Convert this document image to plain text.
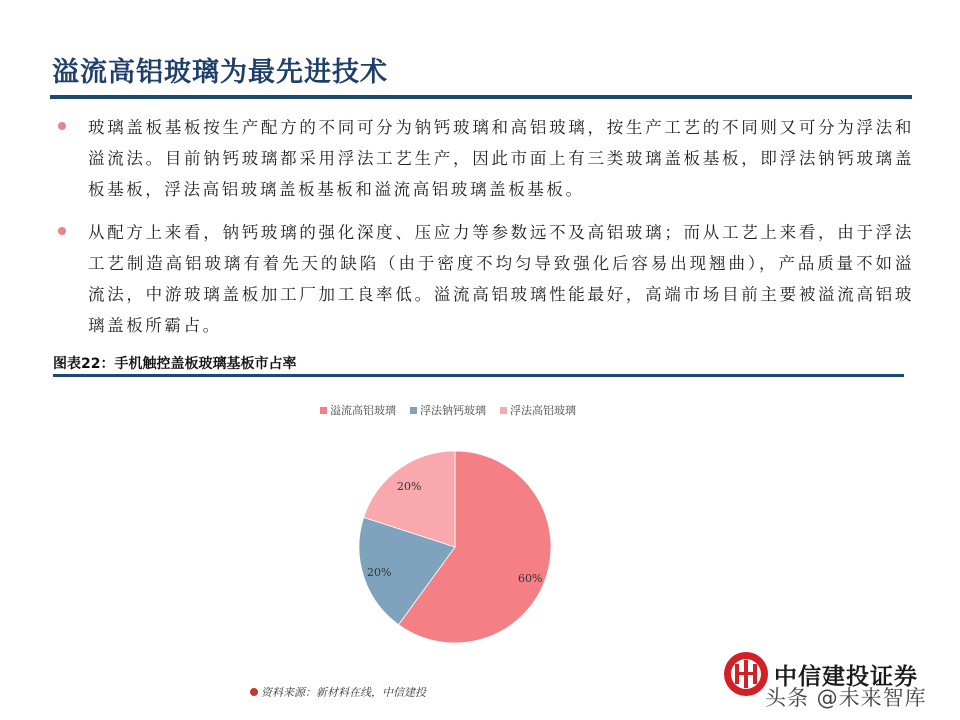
溢流高铝玻璃为最先进技术
玻璃盖板基板按生产配方的不同可分为钠钙玻璃和高铝玻璃，按生产工艺的不同则又可分为浮法和溢流法。目前钠钙玻璃都采用浮法工艺生产，因此市面上有三类玻璃盖板基板，即浮法钠钙玻璃盖板基板，浮法高铝玻璃盖板基板和溢流高铝玻璃盖板基板。
从配方上来看，钠钙玻璃的强化深度、压应力等参数远不及高铝玻璃；而从工艺上来看，由于浮法工艺制造高铝玻璃有着先天的缺陷（由于密度不均匀导致强化后容易出现翘曲），产品质量不如溢流法，中游玻璃盖板加工厂加工良率低。溢流高铝玻璃性能最好，高端市场目前主要被溢流高铝玻璃盖板所霸占。
图表22：手机触控盖板玻璃基板市占率
溢流高铝玻璃 浮法钠钙玻璃 浮法高铝玻璃
60%
20%
20%
资料来源：新材料在线，中信建投
中信建投证券
头条 @未来智库
